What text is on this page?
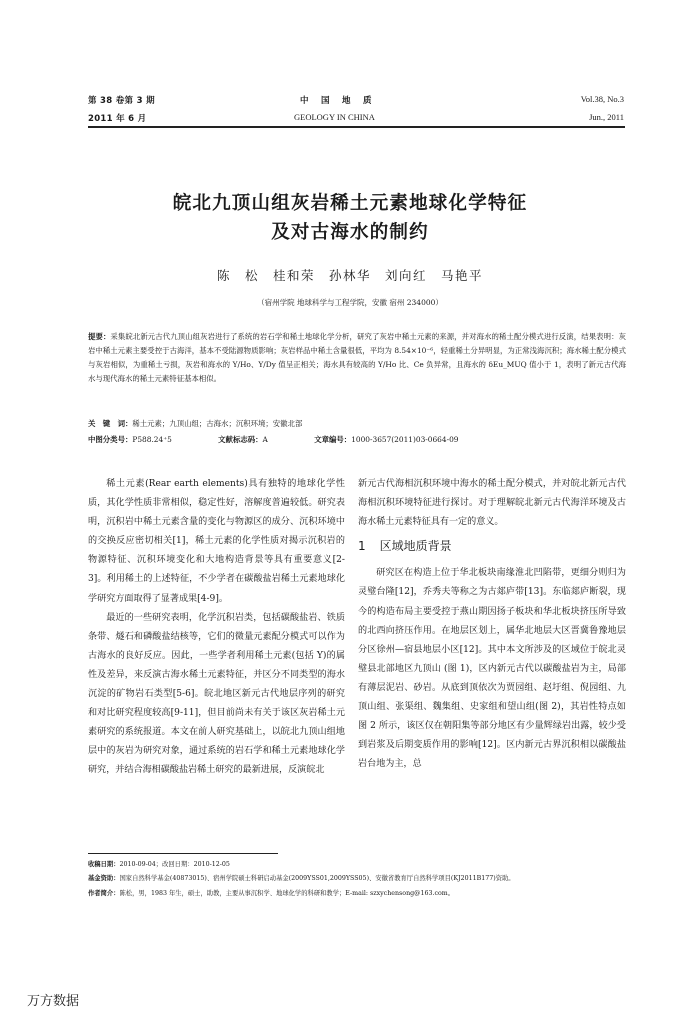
第 38 卷第 3 期	中　国　地　质	Vol.38, No.3
2011 年 6 月	GEOLOGY IN CHINA	Jun., 2011
皖北九顶山组灰岩稀土元素地球化学特征
及对古海水的制约
陈　松　桂和荣　孙林华　刘向红　马艳平
（宿州学院 地球科学与工程学院，安徽 宿州 234000）
提要：采集皖北新元古代九顶山组灰岩进行了系统的岩石学和稀土地球化学分析，研究了灰岩中稀土元素的来源，并对海水的稀土配分模式进行反演，结果表明：灰岩中稀土元素主要受控于古海洋，基本不受陆源物质影响；灰岩样品中稀土含量很低，平均为 8.54×10⁻⁶，轻重稀土分异明显，为正常浅海沉积；海水稀土配分模式与灰岩相似，为重稀土亏损，灰岩和海水的 Y/Ho、Y/Dy 值呈正相关；海水具有较高的 Y/Ho 比、Ce 负异常，且海水的 δEu_MUQ 值小于 1，表明了新元古代海水与现代海水的稀土元素特征基本相似。
关　键　词：稀土元素；九顶山组；古海水；沉积环境；安徽北部
中图分类号：P588.24⁺5	文献标志码：A	文章编号：1000-3657(2011)03-0664-09

稀土元素(Rear earth elements)具有独特的地球化学性质，其化学性质非常相似，稳定性好，溶解度普遍较低。研究表明，沉积岩中稀土元素含量的变化与物源区的成分、沉积环境中的交换反应密切相关[1]，稀土元素的化学性质对揭示沉积岩的物源特征、沉积环境变化和大地构造背景等具有重要意义[2-3]。利用稀土的上述特征，不少学者在碳酸盐岩稀土元素地球化学研究方面取得了显著成果[4-9]。

最近的一些研究表明，化学沉积岩类，包括碳酸盐岩、铁质条带、燧石和磷酸盐结核等，它们的微量元素配分模式可以作为古海水的良好反应。因此，一些学者利用稀土元素(包括 Y)的属性及差异，来反演古海水稀土元素特征，并区分不同类型的海水沉淀的矿物岩石类型[5-6]。皖北地区新元古代地层序列的研究和对比研究程度较高[9-11]，但目前尚未有关于该区灰岩稀土元素研究的系统报道。本文在前人研究基础上，以皖北九顶山组地层中的灰岩为研究对象，通过系统的岩石学和稀土元素地球化学研究，并结合海相碳酸盐岩稀土研究的最新进展，反演皖北

新元古代海相沉积环境中海水的稀土配分模式，并对皖北新元古代海相沉积环境特征进行探讨。对于理解皖北新元古代海洋环境及古海水稀土元素特征具有一定的意义。

1 区域地质背景

研究区在构造上位于华北板块南缘淮北凹陷带，更细分则归为灵璧台隆[12]，乔秀夫等称之为古郯庐带[13]。东临郯庐断裂，现今的构造布局主要受控于燕山期因扬子板块和华北板块挤压所导致的北西向挤压作用。在地层区划上，属华北地层大区晋冀鲁豫地层分区徐州—宿县地层小区[12]。其中本文所涉及的区域位于皖北灵璧县北部地区九顶山 (图 1)，区内新元古代以碳酸盐岩为主，局部有薄层泥岩、砂岩。从底到顶依次为贾园组、赵圩组、倪园组、九顶山组、张渠组、魏集组、史家组和望山组(图 2)，其岩性特点如图 2 所示，该区仅在朝阳集等部分地区有少量辉绿岩出露，较少受到岩浆及后期变质作用的影响[12]。区内新元古界沉积相以碳酸盐岩台地为主，总

收稿日期：2010-09-04；改回日期：2010-12-05
基金资助：国家自然科学基金(40873015)、宿州学院硕士科研启动基金(2009YSS01,2009YSS05)、安徽省教育厅自然科学项目(KJ2011B177)资助。
作者简介：陈松，男，1983 年生，硕士，助教，主要从事沉积学、地球化学的科研和教学；E-mail: szxychensong@163.com。
万方数据
